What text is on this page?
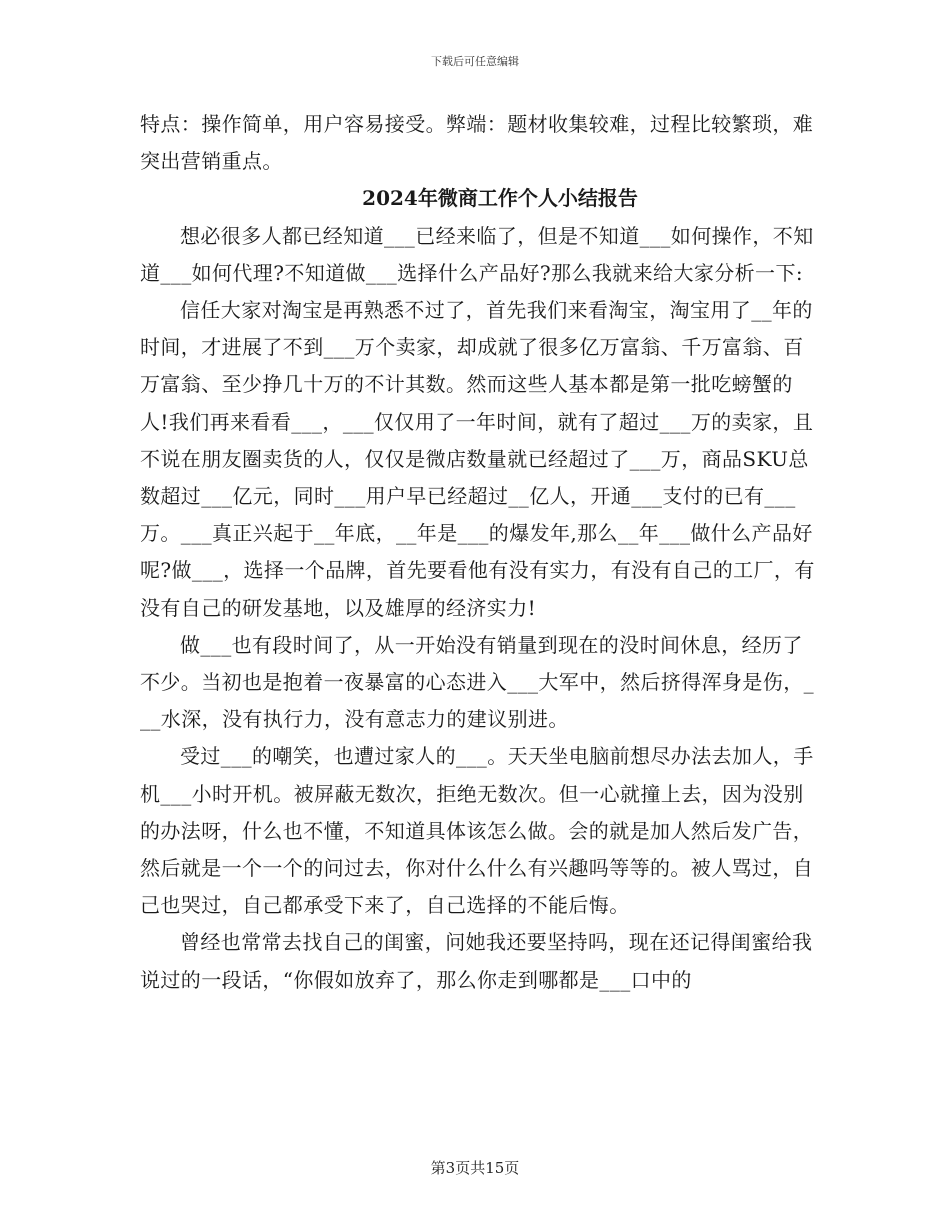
下载后可任意编辑

特点：操作简单，用户容易接受。弊端：题材收集较难，过程比较繁琐，难突出营销重点。

2024年微商工作个人小结报告

想必很多人都已经知道___已经来临了，但是不知道___如何操作，不知道___如何代理?不知道做___选择什么产品好?那么我就来给大家分析一下:

信任大家对淘宝是再熟悉不过了，首先我们来看淘宝，淘宝用了__年的时间，才进展了不到___万个卖家，却成就了很多亿万富翁、千万富翁、百万富翁、至少挣几十万的不计其数。然而这些人基本都是第一批吃螃蟹的人!我们再来看看___，___仅仅用了一年时间，就有了超过___万的卖家，且不说在朋友圈卖货的人，仅仅是微店数量就已经超过了___万，商品SKU总数超过___亿元，同时___用户早已经超过__亿人，开通___支付的已有___万。___真正兴起于__年底，__年是___的爆发年,那么__年___做什么产品好呢?做___，选择一个品牌，首先要看他有没有实力，有没有自己的工厂，有没有自己的研发基地，以及雄厚的经济实力!

做___也有段时间了，从一开始没有销量到现在的没时间休息，经历了不少。当初也是抱着一夜暴富的心态进入___大军中，然后挤得浑身是伤，___水深，没有执行力，没有意志力的建议别进。

受过___的嘲笑，也遭过家人的___。天天坐电脑前想尽办法去加人，手机___小时开机。被屏蔽无数次，拒绝无数次。但一心就撞上去，因为没别的办法呀，什么也不懂，不知道具体该怎么做。会的就是加人然后发广告，然后就是一个一个的问过去，你对什么什么有兴趣吗等等的。被人骂过，自己也哭过，自己都承受下来了，自己选择的不能后悔。

曾经也常常去找自己的闺蜜，问她我还要坚持吗，现在还记得闺蜜给我说过的一段话，“你假如放弃了，那么你走到哪都是___口中的

第3页共15页
